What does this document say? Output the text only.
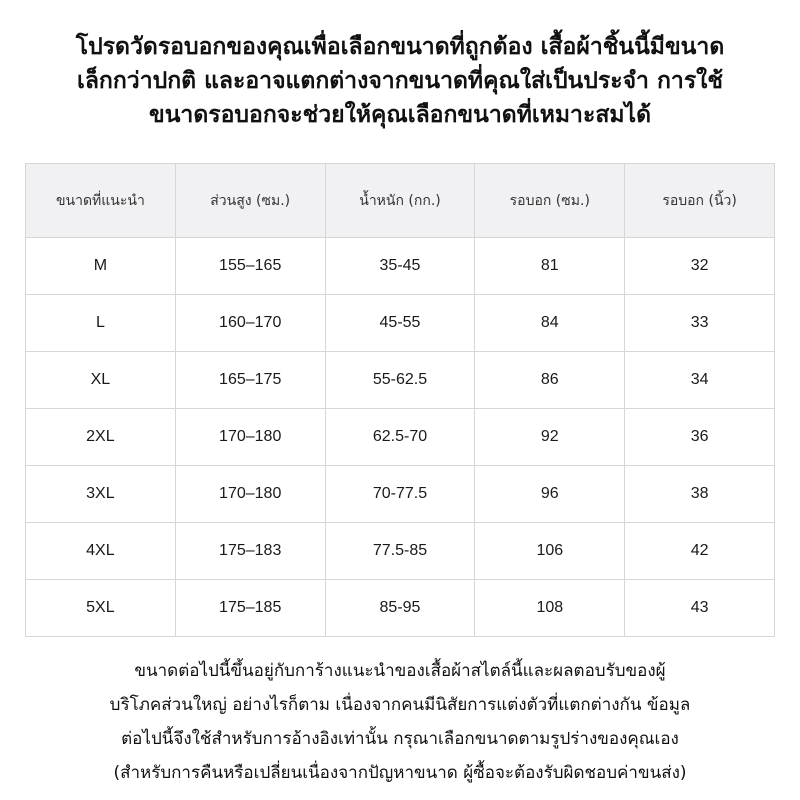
โปรดวัดรอบอกของคุณเพื่อเลือกขนาดที่ถูกต้อง เสื้อผ้าชิ้นนี้มีขนาด
เล็กกว่าปกติ และอาจแตกต่างจากขนาดที่คุณใส่เป็นประจำ การใช้
ขนาดรอบอกจะช่วยให้คุณเลือกขนาดที่เหมาะสมได้
ขนาดที่แนะนำ	ส่วนสูง (ซม.)	น้ำหนัก (กก.)	รอบอก (ซม.)	รอบอก (นิ้ว)
M	155–165	35-45	81	32
L	160–170	45-55	84	33
XL	165–175	55-62.5	86	34
2XL	170–180	62.5-70	92	36
3XL	170–180	70-77.5	96	38
4XL	175–183	77.5-85	106	42
5XL	175–185	85-95	108	43
ขนาดต่อไปนี้ขึ้นอยู่กับการ้างแนะนำของเสื้อผ้าสไตล์นี้และผลตอบรับของผู้
บริโภคส่วนใหญ่ อย่างไรก็ตาม เนื่องจากคนมีนิสัยการแต่งตัวที่แตกต่างกัน ข้อมูล
ต่อไปนี้จึงใช้สำหรับการอ้างอิงเท่านั้น กรุณาเลือกขนาดตามรูปร่างของคุณเอง
(สำหรับการคืนหรือเปลี่ยนเนื่องจากปัญหาขนาด ผู้ซื้อจะต้องรับผิดชอบค่าขนส่ง)
